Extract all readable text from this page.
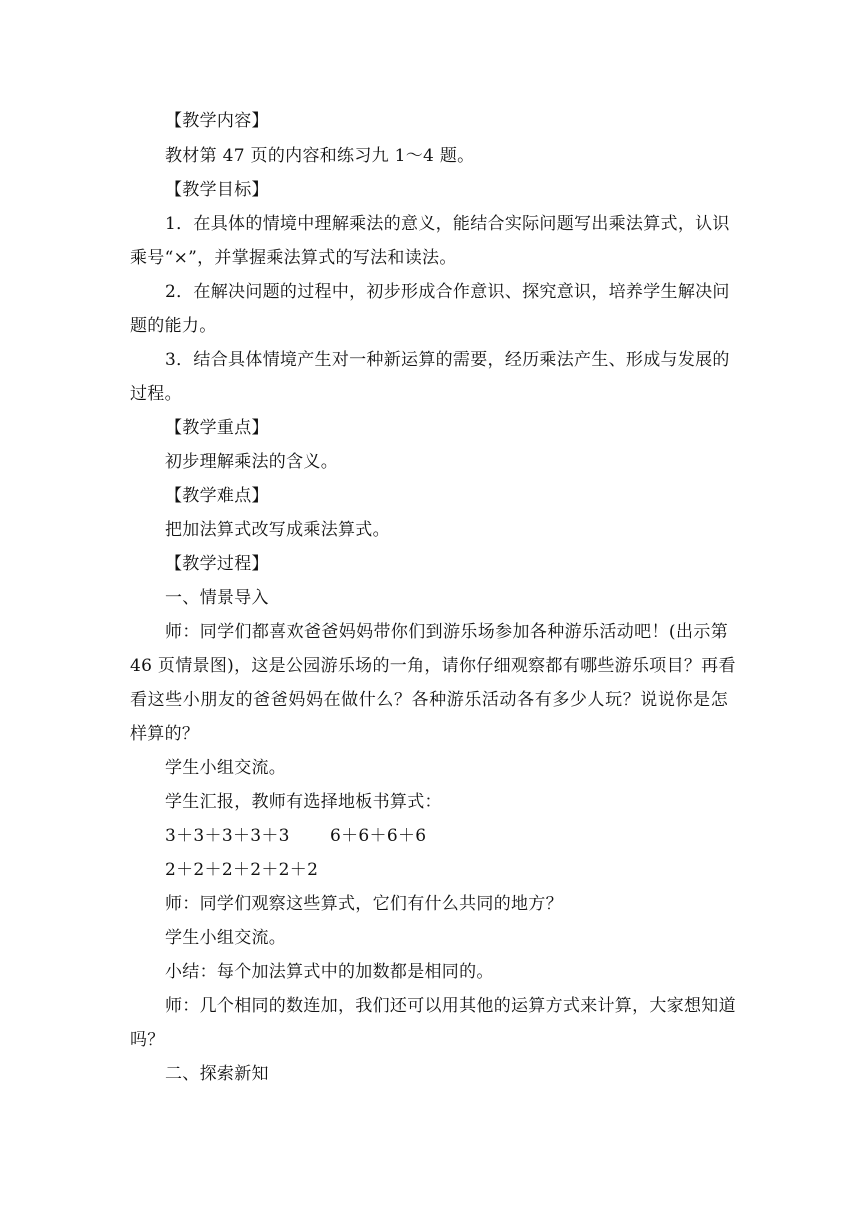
【教学内容】
教材第 47 页的内容和练习九 1～4 题。
【教学目标】
1．在具体的情境中理解乘法的意义，能结合实际问题写出乘法算式，认识
乘号“×”，并掌握乘法算式的写法和读法。
2．在解决问题的过程中，初步形成合作意识、探究意识，培养学生解决问
题的能力。
3．结合具体情境产生对一种新运算的需要，经历乘法产生、形成与发展的
过程。
【教学重点】
初步理解乘法的含义。
【教学难点】
把加法算式改写成乘法算式。
【教学过程】
一、情景导入
师：同学们都喜欢爸爸妈妈带你们到游乐场参加各种游乐活动吧！(出示第
46 页情景图)，这是公园游乐场的一角，请你仔细观察都有哪些游乐项目？再看
看这些小朋友的爸爸妈妈在做什么？各种游乐活动各有多少人玩？说说你是怎
样算的？
学生小组交流。
学生汇报，教师有选择地板书算式：
3＋3＋3＋3＋3 6＋6＋6＋6
2＋2＋2＋2＋2＋2
师：同学们观察这些算式，它们有什么共同的地方？
学生小组交流。
小结：每个加法算式中的加数都是相同的。
师：几个相同的数连加，我们还可以用其他的运算方式来计算，大家想知道
吗？
二、探索新知
